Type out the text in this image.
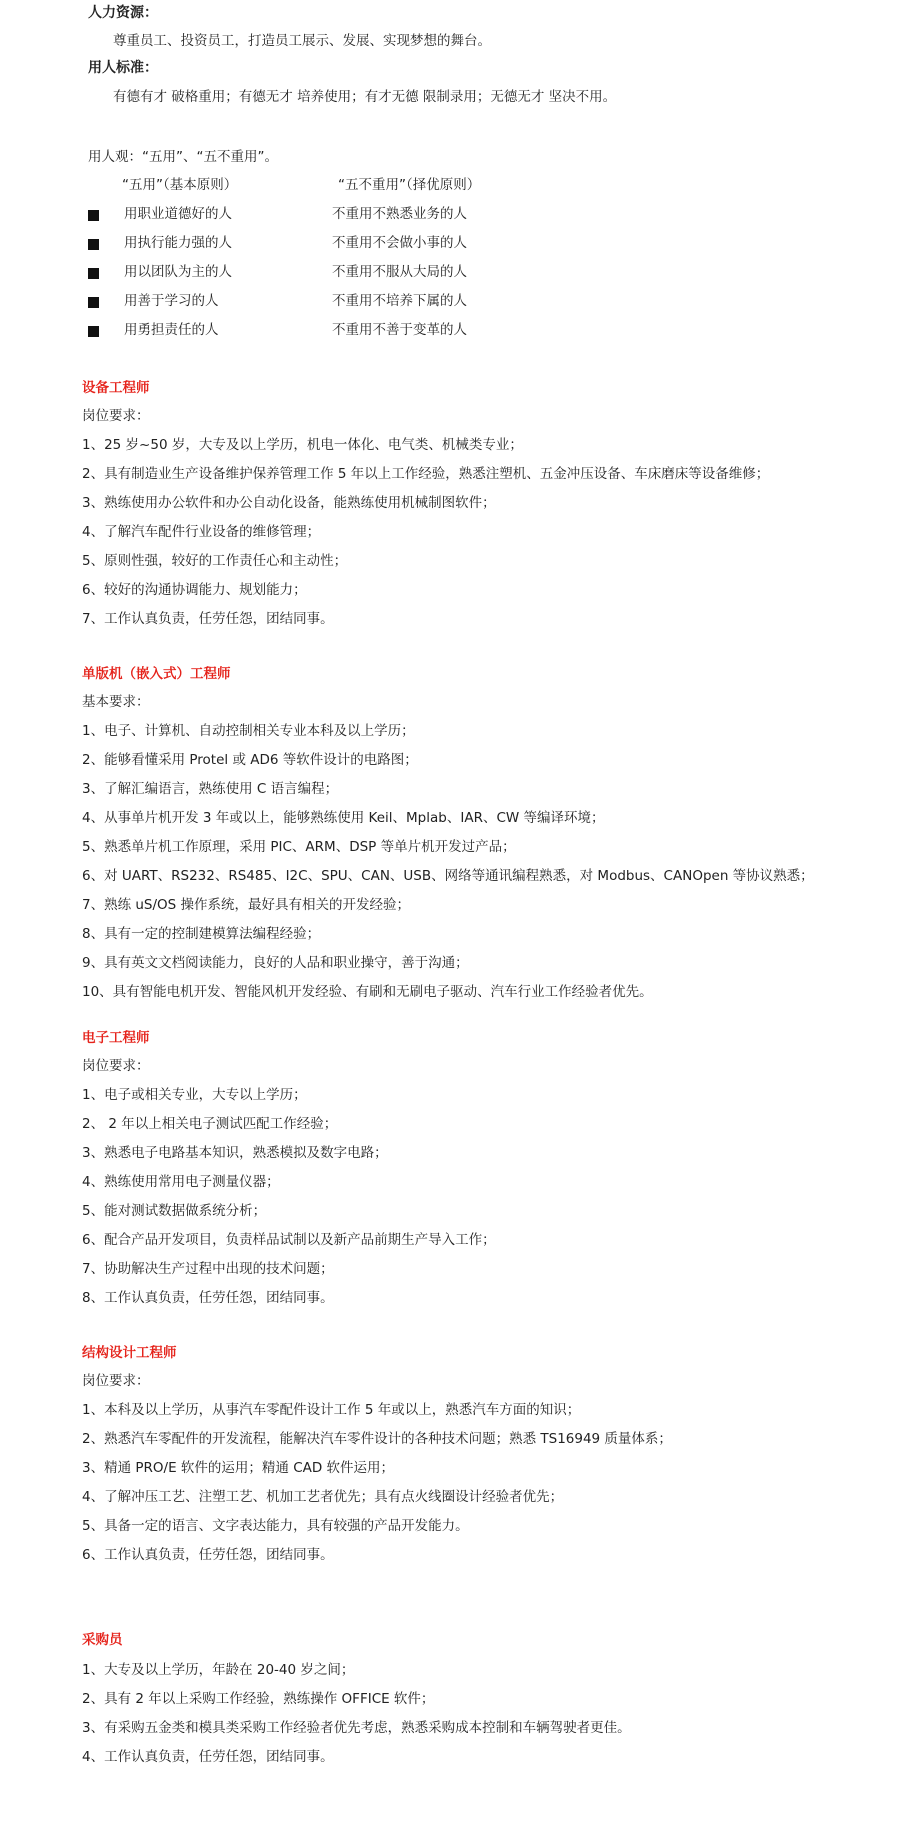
人力资源：
尊重员工、投资员工，打造员工展示、发展、实现梦想的舞台。
用人标准：
有德有才 破格重用；有德无才 培养使用；有才无德 限制录用；无德无才 坚决不用。
用人观：“五用”、“五不重用”。
“五用”（基本原则）	“五不重用”（择优原则）
用职业道德好的人	不重用不熟悉业务的人
用执行能力强的人	不重用不会做小事的人
用以团队为主的人	不重用不服从大局的人
用善于学习的人	不重用不培养下属的人
用勇担责任的人	不重用不善于变革的人
设备工程师
岗位要求：
1、25 岁~50 岁，大专及以上学历，机电一体化、电气类、机械类专业；
2、具有制造业生产设备维护保养管理工作 5 年以上工作经验，熟悉注塑机、五金冲压设备、车床磨床等设备维修；
3、熟练使用办公软件和办公自动化设备，能熟练使用机械制图软件；
4、了解汽车配件行业设备的维修管理；
5、原则性强，较好的工作责任心和主动性；
6、较好的沟通协调能力、规划能力；
7、工作认真负责，任劳任怨，团结同事。
单版机（嵌入式）工程师
基本要求：
1、电子、计算机、自动控制相关专业本科及以上学历；
2、能够看懂采用 Protel 或 AD6 等软件设计的电路图；
3、了解汇编语言，熟练使用 C 语言编程；
4、从事单片机开发 3 年或以上，能够熟练使用 Keil、Mplab、IAR、CW 等编译环境；
5、熟悉单片机工作原理，采用 PIC、ARM、DSP 等单片机开发过产品；
6、对 UART、RS232、RS485、I2C、SPU、CAN、USB、网络等通讯编程熟悉，对 Modbus、CANOpen 等协议熟悉；
7、熟练 uS/OS 操作系统，最好具有相关的开发经验；
8、具有一定的控制建模算法编程经验；
9、具有英文文档阅读能力，良好的人品和职业操守，善于沟通；
10、具有智能电机开发、智能风机开发经验、有刷和无刷电子驱动、汽车行业工作经验者优先。
电子工程师
岗位要求：
1、电子或相关专业，大专以上学历；
2、 2 年以上相关电子测试匹配工作经验；
3、熟悉电子电路基本知识，熟悉模拟及数字电路；
4、熟练使用常用电子测量仪器；
5、能对测试数据做系统分析；
6、配合产品开发项目，负责样品试制以及新产品前期生产导入工作；
7、协助解决生产过程中出现的技术问题；
8、工作认真负责，任劳任怨，团结同事。
结构设计工程师
岗位要求：
1、本科及以上学历，从事汽车零配件设计工作 5 年或以上，熟悉汽车方面的知识；
2、熟悉汽车零配件的开发流程，能解决汽车零件设计的各种技术问题；熟悉 TS16949 质量体系；
3、精通 PRO/E 软件的运用；精通 CAD 软件运用；
4、了解冲压工艺、注塑工艺、机加工艺者优先；具有点火线圈设计经验者优先；
5、具备一定的语言、文字表达能力，具有较强的产品开发能力。
6、工作认真负责，任劳任怨，团结同事。
采购员
1、大专及以上学历，年龄在 20-40 岁之间；
2、具有 2 年以上采购工作经验，熟练操作 OFFICE 软件；
3、有采购五金类和模具类采购工作经验者优先考虑，熟悉采购成本控制和车辆驾驶者更佳。
4、工作认真负责，任劳任怨，团结同事。
